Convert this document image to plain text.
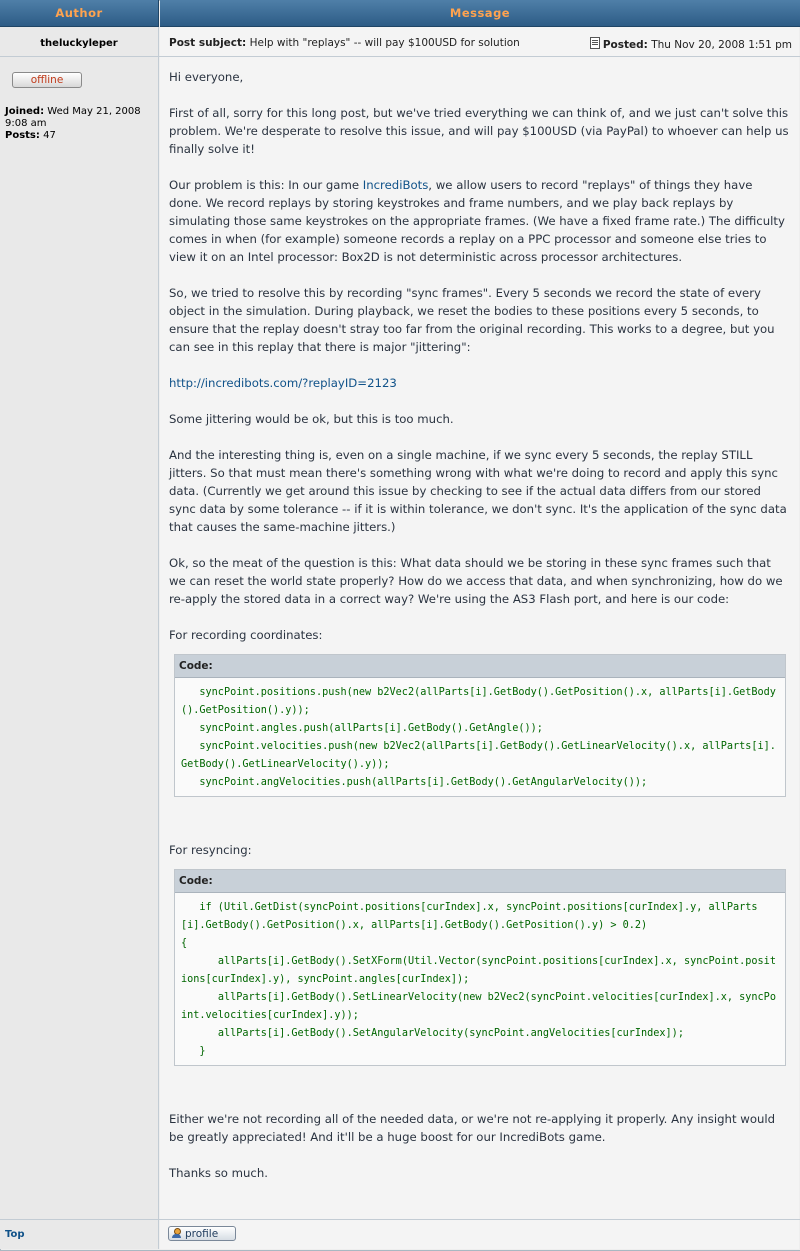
Author	Message
theluckyleper
offline
Joined: Wed May 21, 2008 9:08 am
Posts: 47
Post subject: Help with "replays" -- will pay $100USD for solution	Posted: Thu Nov 20, 2008 1:51 pm

Hi everyone,

First of all, sorry for this long post, but we've tried everything we can think of, and we just can't solve this problem. We're desperate to resolve this issue, and will pay $100USD (via PayPal) to whoever can help us finally solve it!

Our problem is this: In our game IncrediBots, we allow users to record "replays" of things they have done. We record replays by storing keystrokes and frame numbers, and we play back replays by simulating those same keystrokes on the appropriate frames. (We have a fixed frame rate.) The difficulty comes in when (for example) someone records a replay on a PPC processor and someone else tries to view it on an Intel processor: Box2D is not deterministic across processor architectures.

So, we tried to resolve this by recording "sync frames". Every 5 seconds we record the state of every object in the simulation. During playback, we reset the bodies to these positions every 5 seconds, to ensure that the replay doesn't stray too far from the original recording. This works to a degree, but you can see in this replay that there is major "jittering":

http://incredibots.com/?replayID=2123

Some jittering would be ok, but this is too much.

And the interesting thing is, even on a single machine, if we sync every 5 seconds, the replay STILL jitters. So that must mean there's something wrong with what we're doing to record and apply this sync data. (Currently we get around this issue by checking to see if the actual data differs from our stored sync data by some tolerance -- if it is within tolerance, we don't sync. It's the application of the sync data that causes the same-machine jitters.)

Ok, so the meat of the question is this: What data should we be storing in these sync frames such that we can reset the world state properly? How do we access that data, and when synchronizing, how do we re-apply the stored data in a correct way? We're using the AS3 Flash port, and here is our code:

For recording coordinates:

Code:
syncPoint.positions.push(new b2Vec2(allParts[i].GetBody().GetPosition().x, allParts[i].GetBody().GetPosition().y));
syncPoint.angles.push(allParts[i].GetBody().GetAngle());
syncPoint.velocities.push(new b2Vec2(allParts[i].GetBody().GetLinearVelocity().x, allParts[i].GetBody().GetLinearVelocity().y));
syncPoint.angVelocities.push(allParts[i].GetBody().GetAngularVelocity());

For resyncing:

Code:
if (Util.GetDist(syncPoint.positions[curIndex].x, syncPoint.positions[curIndex].y, allParts[i].GetBody().GetPosition().x, allParts[i].GetBody().GetPosition().y) > 0.2)
{
allParts[i].GetBody().SetXForm(Util.Vector(syncPoint.positions[curIndex].x, syncPoint.positions[curIndex].y), syncPoint.angles[curIndex]);
allParts[i].GetBody().SetLinearVelocity(new b2Vec2(syncPoint.velocities[curIndex].x, syncPoint.velocities[curIndex].y));
allParts[i].GetBody().SetAngularVelocity(syncPoint.angVelocities[curIndex]);
}

Either we're not recording all of the needed data, or we're not re-applying it properly. Any insight would be greatly appreciated! And it'll be a huge boost for our IncrediBots game.

Thanks so much.

Top	profile
